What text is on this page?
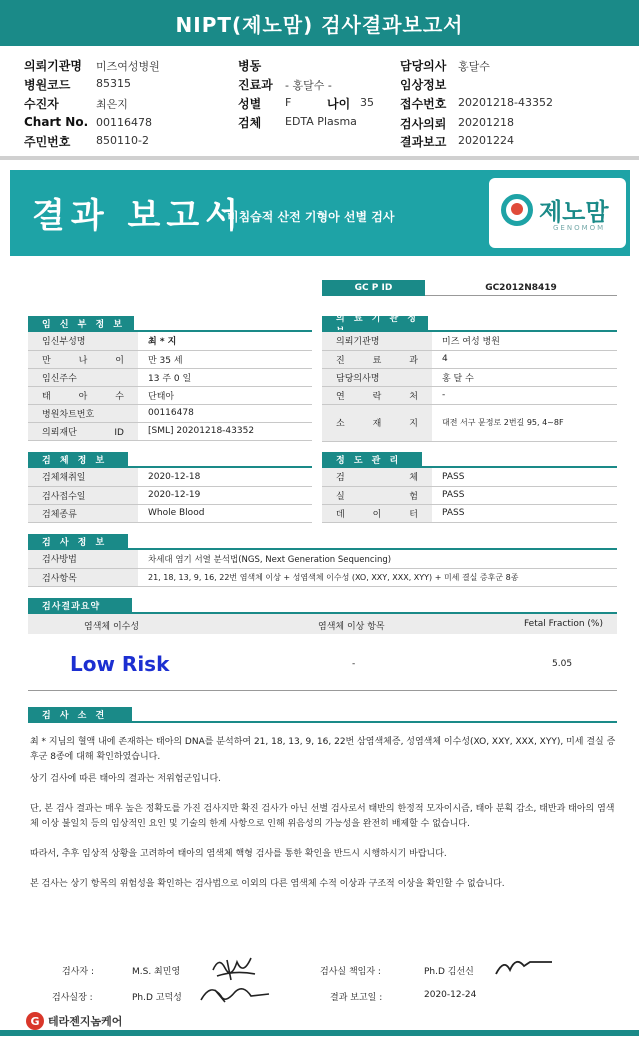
NIPT(제노맘) 검사결과보고서
의뢰기관명 미즈여성병원
병원코드 85315
수진자	최은지
Chart No. 00116478
주민번호 850110-2
병동
진료과 - 홍달수 -
성별 F	나이 35
검체 EDTA Plasma
담당의사 홍달수
임상정보
접수번호 20201218-43352
검사의뢰 20201218
결과보고 20201224
결과 보고서
비침습적 산전 기형아 선별 검사	제노맘
GENOMOM
GC P ID	GC2012N8419
임 신 부 정 보
임신부성명	최 * 지
만 나 이	만 35 세
임신주수	13 주 0 일
태 아 수	단태아
병원차트번호	00116478
의뢰재단 ID	[SML] 20201218-43352
의 료 기 관 정
의뢰기관명	미즈 여성 병원
진 료 과	4
담당의사명	홍 달 수
연 락 처	-
소 재 지	대전 서구 문정로 2번길 95, 4~8F
검 체 정 보
검체채취일	2020-12-18
검사접수일	2020-12-19
검체종류	Whole Blood
정 도 관 리
검 체	PASS
실 험	PASS
데 이 터	PASS
검 사 정 보
검사방법	차세대 염기 서열 분석법(NGS, Next Generation Sequencing)
검사항목	21, 18, 13, 9, 16, 22번 염색체 이상 + 성염색체 이수성 (XO, XXY, XXX, XYY) + 미세 결실 증후군 8종
검사결과요약
염색체 이수성	염색체 이상 항목	Fetal Fraction (%)
Low Risk	-	5.05
검 사 소 견
최 * 지님의 혈액 내에 존재하는 태아의 DNA를 분석하여 21, 18, 13, 9, 16, 22번 삼염색체증, 성염색체 이수성(XO, XXY, XXX, XYY), 미세 결실 증후군 8종에 대해 확인하였습니다.
상기 검사에 따른 태아의 결과는 저위험군입니다.
단, 본 검사 결과는 매우 높은 정확도를 가진 검사지만 확진 검사가 아닌 선별 검사로서 태반의 한정적 모자이시즘, 태아 분획 감소, 태반과 태아의 염색체 이상 불일치 등의 임상적인 요인 및 기술의 한계 사항으로 인해 위음성의 가능성을 완전히 배제할 수 없습니다.
따라서, 추후 임상적 상황을 고려하여 태아의 염색체 핵형 검사를 통한 확인을 반드시 시행하시기 바랍니다.
본 검사는 상기 항목의 위험성을 확인하는 검사법으로 이외의 다른 염색체 수적 이상과 구조적 이상을 확인할 수 없습니다.
검사자 :	M.S. 최민영	검사실 책임자 :	Ph.D 김선신
검사실장 :	Ph.D 고덕성	결과 보고일 :	2020-12-24
G 테라젠지놈케어
